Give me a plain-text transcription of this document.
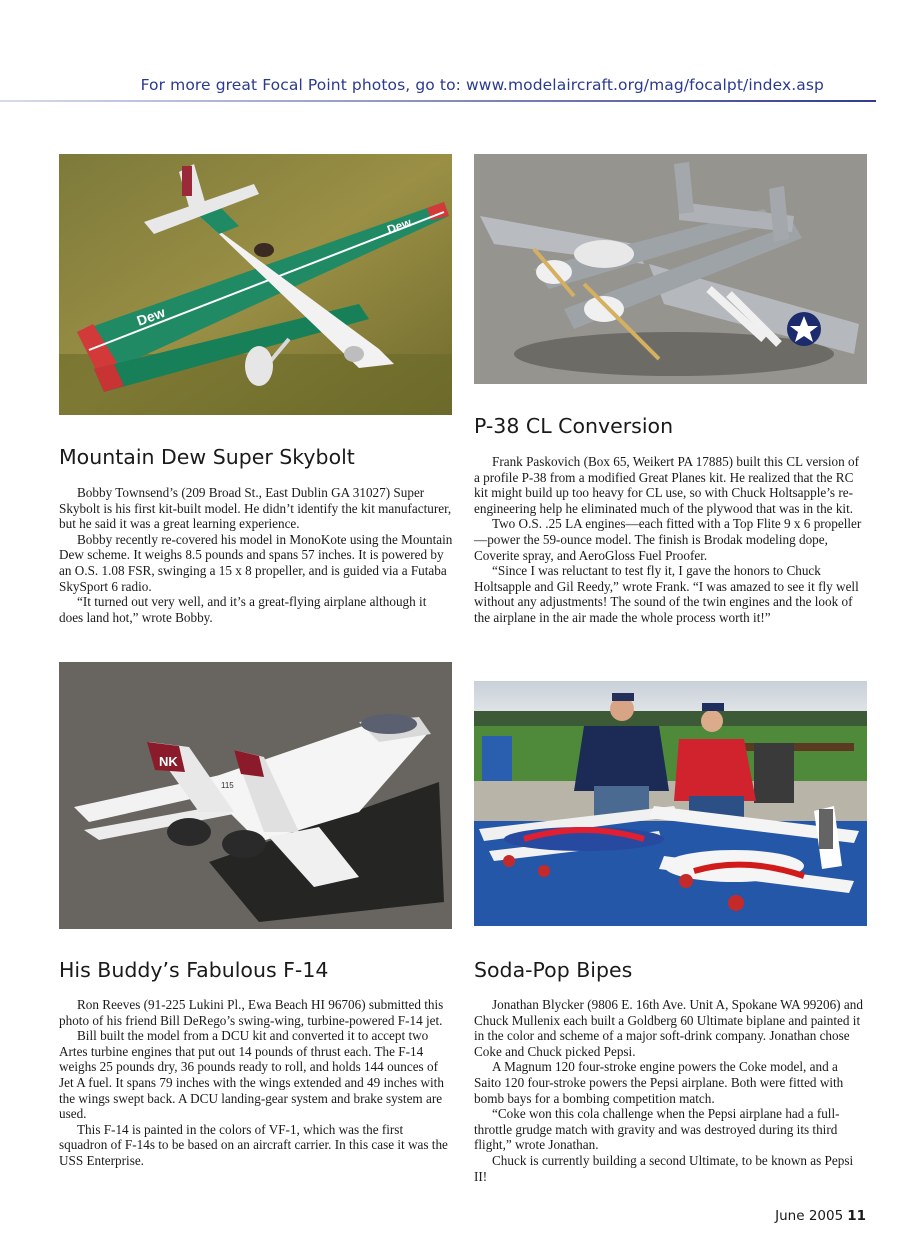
For more great Focal Point photos, go to: www.modelaircraft.org/mag/focalpt/index.asp
Dew
Dew
Mountain Dew Super Skybolt
P-38 CL Conversion

Bobby Townsend’s (209 Broad St., East Dublin GA 31027) Super Skybolt is his first kit-built model. He didn’t identify the kit manufacturer, but he said it was a great learning experience.

Bobby recently re-covered his model in MonoKote using the Mountain Dew scheme. It weighs 8.5 pounds and spans 57 inches. It is powered by an O.S. 1.08 FSR, swinging a 15 x 8 propeller, and is guided via a Futaba SkySport 6 radio.

“It turned out very well, and it’s a great-flying airplane although it does land hot,” wrote Bobby.

Frank Paskovich (Box 65, Weikert PA 17885) built this CL version of a profile P-38 from a modified Great Planes kit. He realized that the RC kit might build up too heavy for CL use, so with Chuck Holtsapple’s re-engineering help he eliminated much of the plywood that was in the kit.

Two O.S. .25 LA engines—each fitted with a Top Flite 9 x 6 propeller—power the 59-ounce model. The finish is Brodak modeling dope, Coverite spray, and AeroGloss Fuel Proofer.

“Since I was reluctant to test fly it, I gave the honors to Chuck Holtsapple and Gil Reedy,” wrote Frank. “I was amazed to see it fly well without any adjustments! The sound of the twin engines and the look of the airplane in the air made the whole process worth it!”

NK
115
His Buddy’s Fabulous F-14	Soda-Pop Bipes

Ron Reeves (91-225 Lukini Pl., Ewa Beach HI 96706) submitted this photo of his friend Bill DeRego’s swing-wing, turbine-powered F-14 jet.

Bill built the model from a DCU kit and converted it to accept two Artes turbine engines that put out 14 pounds of thrust each. The F-14 weighs 25 pounds dry, 36 pounds ready to roll, and holds 144 ounces of Jet A fuel. It spans 79 inches with the wings extended and 49 inches with the wings swept back. A DCU landing-gear system and brake system are used.

This F-14 is painted in the colors of VF-1, which was the first squadron of F-14s to be based on an aircraft carrier. In this case it was the USS Enterprise.

Jonathan Blycker (9806 E. 16th Ave. Unit A, Spokane WA 99206) and Chuck Mullenix each built a Goldberg 60 Ultimate biplane and painted it in the color and scheme of a major soft-drink company. Jonathan chose Coke and Chuck picked Pepsi.

A Magnum 120 four-stroke engine powers the Coke model, and a Saito 120 four-stroke powers the Pepsi airplane. Both were fitted with bomb bays for a bombing competition match.

“Coke won this cola challenge when the Pepsi airplane had a full-throttle grudge match with gravity and was destroyed during its third flight,” wrote Jonathan.

Chuck is currently building a second Ultimate, to be known as Pepsi II!

June 2005 11
